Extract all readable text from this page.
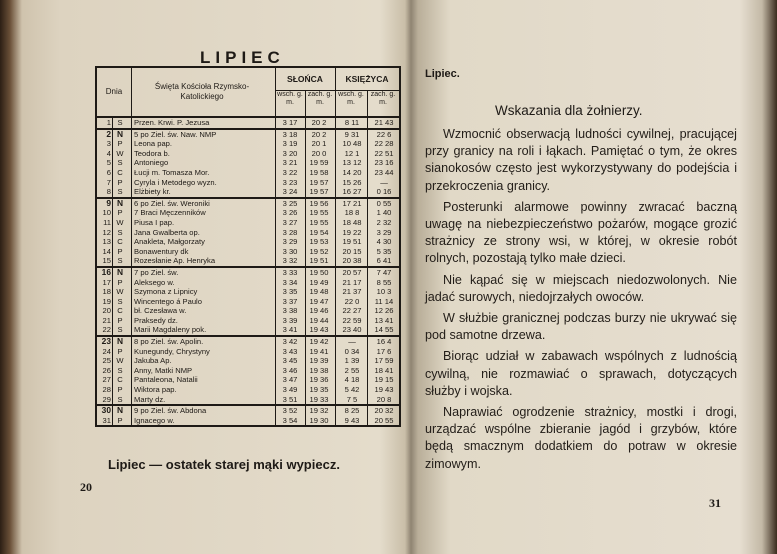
LIPIEC
Dnia
Święta Kościoła Rzymsko-Katolickiego
SŁOŃCA	KSIĘŻYCA
wsch. g. m.
zach. g. m.
wsch. g. m.
zach. g. m.
1 S	Przen. Krwi. P. Jezusa	3 17	20 2	8 11	21 43
2 N	5 po Ziel. św. Naw. NMP	3 18	20 2	9 31	22 6
3 P	Leona pap.	3 19	20 1	10 48	22 28
4 W	Teodora b.	3 20	20 0	12 1	22 51
5 S	Antoniego	3 21	19 59	13 12	23 16
6 C	Łucji m. Tomasza Mor.	3 22	19 58	14 20	23 44
7 P	Cyryla i Metodego wyzn.	3 23	19 57	15 26	—
8 S	Elżbiety kr.	3 24	19 57	16 27	0 16
9 N	6 po Ziel. św. Weroniki	3 25	19 56	17 21	0 55
10 P	7 Braci Męczenników	3 26	19 55	18 8	1 40
11 W	Piusa I pap.	3 27	19 55	18 48	2 32
12 S	Jana Gwalberta op.	3 28	19 54	19 22	3 29
13 C	Anakleta, Małgorzaty	3 29	19 53	19 51	4 30
14 P	Bonawentury dk	3 30	19 52	20 15	5 35
15 S	Rozesłanie Ap. Henryka	3 32	19 51	20 38	6 41
16 N	7 po Ziel. św.	3 33	19 50	20 57	7 47
17 P	Aleksego w.	3 34	19 49	21 17	8 55
18 W	Szymona z Lipnicy	3 35	19 48	21 37	10 3
19 S	Wincentego á Paulo	3 37	19 47	22 0	11 14
20 C	bł. Czesława w.	3 38	19 46	22 27	12 26
21 P	Praksedy dz.	3 39	19 44	22 59	13 41
22 S	Marii Magdaleny pok.	3 41	19 43	23 40	14 55
23 N	8 po Ziel. św. Apolin.	3 42	19 42	—	16 4
24 P	Kunegundy, Chrystyny	3 43	19 41	0 34	17 6
25 W	Jakuba Ap.	3 45	19 39	1 39	17 59
26 S	Anny, Matki NMP	3 46	19 38	2 55	18 41
27 C	Pantaleona, Natalii	3 47	19 36	4 18	19 15
28 P	Wiktora pap.	3 49	19 35	5 42	19 43
29 S	Marty dz.	3 51	19 33	7 5	20 8
30 N	9 po Ziel. św. Abdona	3 52	19 32	8 25	20 32
31 P	Ignacego w.	3 54	19 30	9 43	20 55
Lipiec — ostatek starej mąki wypiecz.
20
Lipiec.
Wskazania dla żołnierzy.

Wzmocnić obserwacją ludności cywilnej, pracującej przy granicy na roli i łąkach. Pamiętać o tym, że okres sianokosów często jest wykorzystywany do podejścia i przekroczenia granicy.

Posterunki alarmowe powinny zwracać baczną uwagę na niebezpieczeństwo pożarów, mogące grozić strażnicy ze strony wsi, w której, w okresie robót rolnych, pozostają tylko małe dzieci.

Nie kąpać się w miejscach niedozwolonych. Nie jadać surowych, niedojrzałych owoców.

W służbie granicznej podczas burzy nie ukrywać się pod samotne drzewa.

Biorąc udział w zabawach wspólnych z ludnością cywilną, nie rozmawiać o sprawach, dotyczących służby i wojska.

Naprawiać ogrodzenie strażnicy, mostki i drogi, urządzać wspólne zbieranie jagód i grzybów, które będą smacznym dodatkiem do potraw w okresie zimowym.

31
